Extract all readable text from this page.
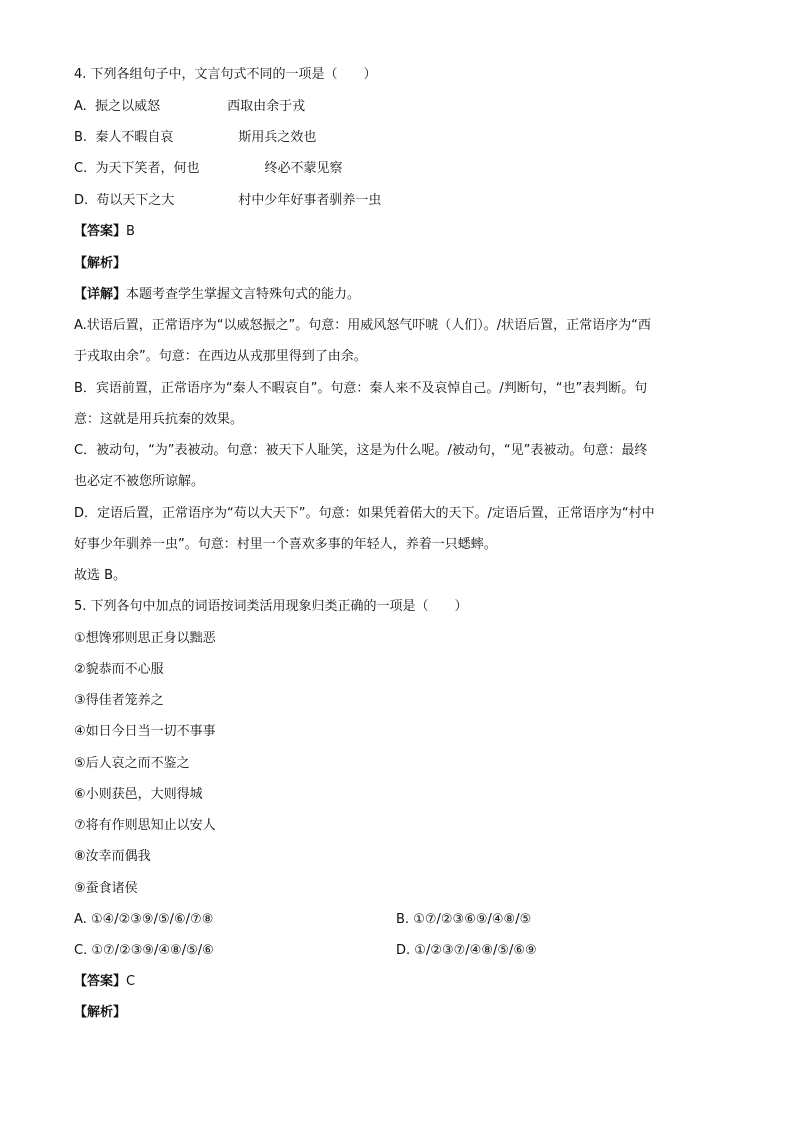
4. 下列各组句子中，文言句式不同的一项是（　　）
A. 振之以威怒	西取由余于戎
B. 秦人不暇自哀	斯用兵之效也
C. 为天下笑者，何也	终必不蒙见察
D. 苟以天下之大	村中少年好事者驯养一虫
【答案】B
【解析】
【详解】本题考查学生掌握文言特殊句式的能力。
A.状语后置，正常语序为“以威怒振之”。句意：用威风怒气吓唬（人们）。/状语后置，正常语序为“西
于戎取由余”。句意：在西边从戎那里得到了由余。
B．宾语前置，正常语序为“秦人不暇哀自”。句意：秦人来不及哀悼自己。/判断句，“也”表判断。句
意：这就是用兵抗秦的效果。
C．被动句，“为”表被动。句意：被天下人耻笑，这是为什么呢。/被动句，“见”表被动。句意：最终
也必定不被您所谅解。
D．定语后置，正常语序为“苟以大天下”。句意：如果凭着偌大的天下。/定语后置，正常语序为“村中
好事少年驯养一虫”。句意：村里一个喜欢多事的年轻人，养着一只蟋蟀。
故选 B。
5. 下列各句中加点的词语按词类活用现象归类正确的一项是（　　）
①想馋邪则思正身以黜恶
②貌恭而不心服
③得佳者笼养之
④如日今日当一切不事事
⑤后人哀之而不鉴之
⑥小则获邑，大则得城
⑦将有作则思知止以安人
⑧汝幸而偶我
⑨蚕食诸侯
A. ①④/②③⑨/⑤/⑥/⑦⑧	B. ①⑦/②③⑥⑨/④⑧/⑤
C. ①⑦/②③⑨/④⑧/⑤/⑥	D. ①/②③⑦/④⑧/⑤/⑥⑨
【答案】C
【解析】
